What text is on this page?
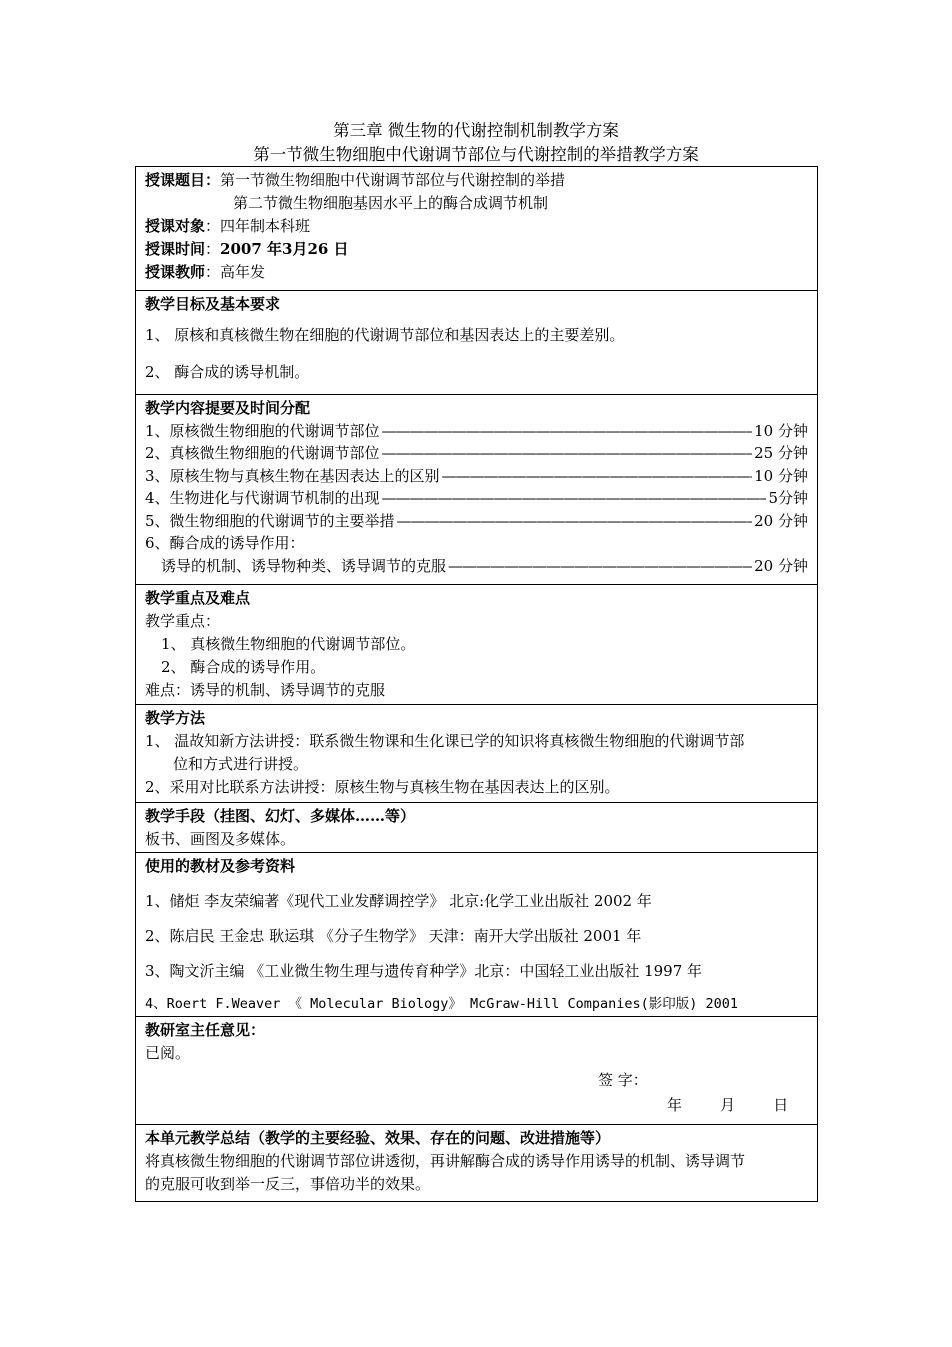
第三章 微生物的代谢控制机制教学方案
第一节微生物细胞中代谢调节部位与代谢控制的举措教学方案
授课题目：第一节微生物细胞中代谢调节部位与代谢控制的举措
第二节微生物细胞基因水平上的酶合成调节机制
授课对象：四年制本科班
授课时间：2007 年3月26 日
授课教师：高年发
教学目标及基本要求
1、 原核和真核微生物在细胞的代谢调节部位和基因表达上的主要差别。
2、 酶合成的诱导机制。
教学内容提要及时间分配
1、原核微生物细胞的代谢调节部位 —————	10 分钟
2、真核微生物细胞的代谢调节部位 —————	25 分钟
3、原核生物与真核生物在基因表达上的区别 —————	10 分钟
4、生物进化与代谢调节机制的出现 —————	5分钟
5、微生物细胞的代谢调节的主要举措 —————	20 分钟
6、酶合成的诱导作用：
诱导的机制、诱导物种类、诱导调节的克服 —————	20 分钟
教学重点及难点
教学重点：
1、 真核微生物细胞的代谢调节部位。
2、 酶合成的诱导作用。
难点：诱导的机制、诱导调节的克服
教学方法
1、 温故知新方法讲授：联系微生物课和生化课已学的知识将真核微生物细胞的代谢调节部
位和方式进行讲授。
2、采用对比联系方法讲授：原核生物与真核生物在基因表达上的区别。
教学手段（挂图、幻灯、多媒体……等）
板书、画图及多媒体。
使用的教材及参考资料
1、储炬 李友荣编著《现代工业发酵调控学》 北京:化学工业出版社 2002 年
2、陈启民 王金忠 耿运琪 《分子生物学》 天津：南开大学出版社 2001 年
3、陶文沂主编 《工业微生物生理与遗传育种学》北京：中国轻工业出版社 1997 年
4、Roert F.Weaver 《 Molecular Biology》 McGraw-Hill Companies(影印版) 2001
教研室主任意见：
已阅。
签 字：
年        月        日
本单元教学总结（教学的主要经验、效果、存在的问题、改进措施等）
将真核微生物细胞的代谢调节部位讲透彻，再讲解酶合成的诱导作用诱导的机制、诱导调节
的克服可收到举一反三，事倍功半的效果。
